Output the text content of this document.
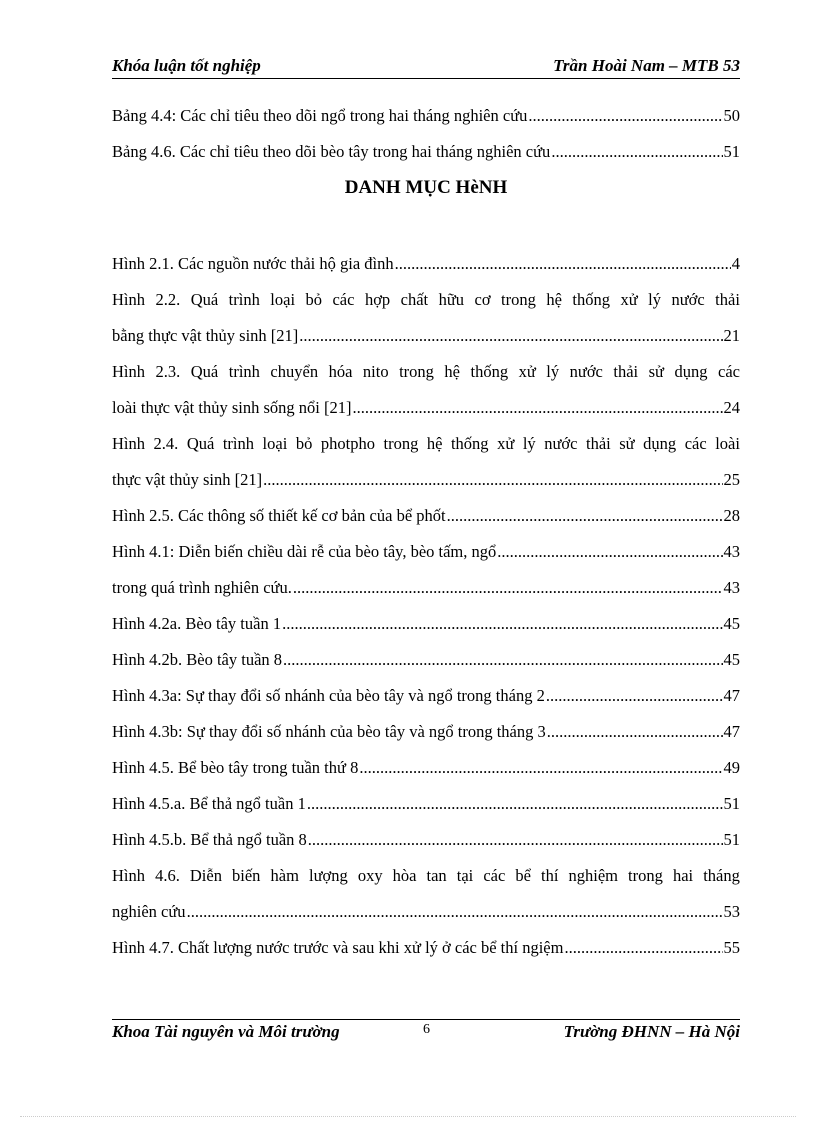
Khóa luận tốt nghiệp	Trần Hoài Nam – MTB 53
Bảng 4.4: Các chỉ tiêu theo dõi ngổ trong hai tháng nghiên cứu .....	50
Bảng 4.6. Các chỉ tiêu theo dõi bèo tây trong hai tháng nghiên cứu .....	51
DANH MỤC HèNH
Hình 2.1. Các nguồn nước thải hộ gia đình .....	4
Hình 2.2. Quá trình loại bỏ các hợp chất hữu cơ trong hệ thống xử lý nước thải
bằng thực vật thủy sinh [21] .....	21
Hình 2.3. Quá trình chuyển hóa nito trong hệ thống xử lý nước thải sử dụng các
loài thực vật thủy sinh sống nổi [21] .....	24
Hình 2.4. Quá trình loại bỏ photpho trong hệ thống xử lý nước thải sử dụng các loài
thực vật thủy sinh [21] .....	25
Hình 2.5. Các thông số thiết kế cơ bản của bể phốt .....	28
Hình 4.1: Diễn biến chiều dài rễ của bèo tây, bèo tấm, ngổ .....	43
trong quá trình nghiên cứu. .....	43
Hình 4.2a. Bèo tây tuần 1 .....	45
Hình 4.2b. Bèo tây tuần 8 .....	45
Hình 4.3a: Sự thay đổi số nhánh của bèo tây và ngổ trong tháng 2 .....	47
Hình 4.3b: Sự thay đổi số nhánh của bèo tây và ngổ trong tháng 3 .....	47
Hình 4.5. Bể bèo tây trong tuần thứ 8 .....	49
Hình 4.5.a. Bể thả ngổ tuần 1 .....	51
Hình 4.5.b. Bể thả ngổ tuần 8 .....	51
Hình 4.6. Diễn biến hàm lượng oxy hòa tan tại các bể thí nghiệm trong hai tháng
nghiên cứu .....	53
Hình 4.7. Chất lượng nước trước và sau khi xử lý ở các bể thí ngiệm .....	55
Khoa Tài nguyên và Môi trường	6	Trường ĐHNN – Hà Nội
